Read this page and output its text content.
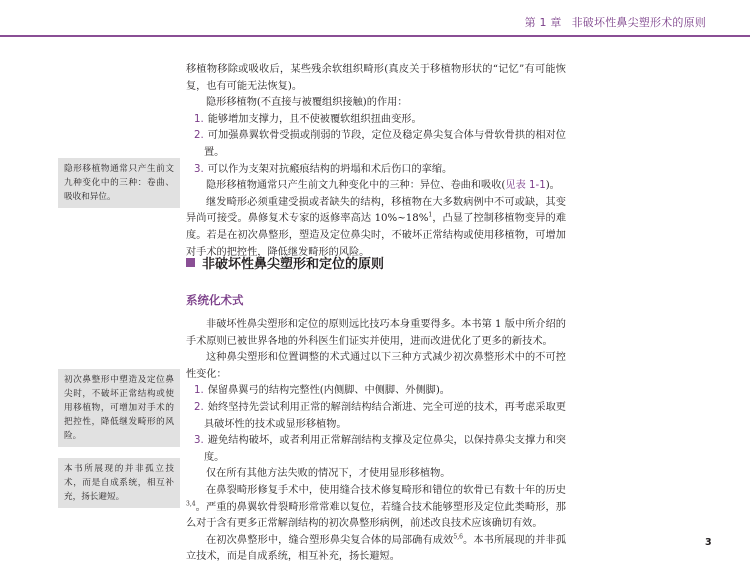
第 1 章 非破坏性鼻尖塑形术的原则

移植物移除或吸收后，某些残余软组织畸形(真皮关于移植物形状的“记忆”有可能恢复，也有可能无法恢复)。

隐形移植物(不直接与被覆组织接触)的作用：

1. 能够增加支撑力，且不使被覆软组织扭曲变形。

2. 可加强鼻翼软骨受损或削弱的节段，定位及稳定鼻尖复合体与骨软骨拱的相对位置。

3. 可以作为支架对抗瘢痕结构的坍塌和术后伤口的挛缩。

隐形移植物通常只产生前文九种变化中的三种：异位、卷曲和吸收(见表 1-1)。

继发畸形必须重建受损或者缺失的结构，移植物在大多数病例中不可或缺，其变异尚可接受。鼻修复术专家的返修率高达 10%~18%$^1$，凸显了控制移植物变异的难度。若是在初次鼻整形，塑造及定位鼻尖时，不破坏正常结构或使用移植物，可增加对手术的把控性，降低继发畸形的风险。

非破坏性鼻尖塑形和定位的原则
系统化术式

非破坏性鼻尖塑形和定位的原则远比技巧本身重要得多。本书第 1 版中所介绍的手术原则已被世界各地的外科医生们证实并使用，进而改进优化了更多的新技术。

这种鼻尖塑形和位置调整的术式通过以下三种方式减少初次鼻整形术中的不可控性变化：

1. 保留鼻翼弓的结构完整性(内侧脚、中侧脚、外侧脚)。

2. 始终坚持先尝试利用正常的解剖结构结合渐进、完全可逆的技术，再考虑采取更具破坏性的技术或显形移植物。

3. 避免结构破坏，或者利用正常解剖结构支撑及定位鼻尖，以保持鼻尖支撑力和突度。

仅在所有其他方法失败的情况下，才使用显形移植物。

在鼻裂畸形修复手术中，使用缝合技术修复畸形和错位的软骨已有数十年的历史$^{3,4}$。严重的鼻翼软骨裂畸形常常难以复位，若缝合技术能够塑形及定位此类畸形，那么对于含有更多正常解剖结构的初次鼻整形病例，前述改良技术应该确切有效。

在初次鼻整形中，缝合塑形鼻尖复合体的局部确有成效$^{5,6}$。本书所展现的并非孤立技术，而是自成系统，相互补充，扬长避短。

隐形移植物通常只产生前文九种变化中的三种：卷曲、吸收和异位。
初次鼻整形中塑造及定位鼻尖时，不破坏正常结构或使用移植物，可增加对手术的把控性，降低继发畸形的风险。
本书所展现的并非孤立技术，而是自成系统，相互补充，扬长避短。
3
